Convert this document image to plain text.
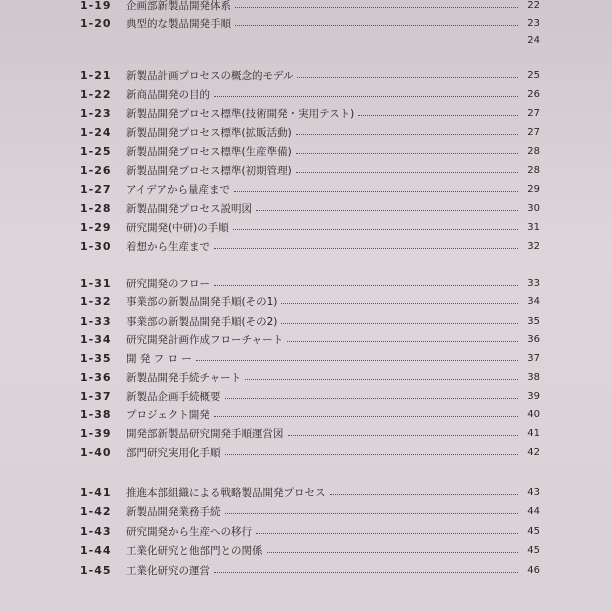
1-19	企画部新製品開発体系	22
1-20	典型的な製品開発手順	23
24
1-21	新製品計画プロセスの概念的モデル	25
1-22	新商品開発の目的	26
1-23	新製品開発プロセス標準(技術開発・実用テスト)	27
1-24	新製品開発プロセス標準(拡販活動)	27
1-25	新製品開発プロセス標準(生産準備)	28
1-26	新製品開発プロセス標準(初期管理)	28
1-27	アイデアから量産まで	29
1-28	新製品開発プロセス説明図	30
1-29	研究開発(中研)の手順	31
1-30	着想から生産まで	32
1-31	研究開発のフロー	33
1-32	事業部の新製品開発手順(その1)	34
1-33	事業部の新製品開発手順(その2)	35
1-34	研究開発計画作成フローチャート	36
1-35	開 発 フ ロ ー	37
1-36	新製品開発手続チャート	38
1-37	新製品企画手続概要	39
1-38	プロジェクト開発	40
1-39	開発部新製品研究開発手順運営図	41
1-40	部門研究実用化手順	42
1-41	推進本部組織による戦略製品開発プロセス	43
1-42	新製品開発業務手続	44
1-43	研究開発から生産への移行	45
1-44	工業化研究と他部門との関係	45
1-45	工業化研究の運営	46
